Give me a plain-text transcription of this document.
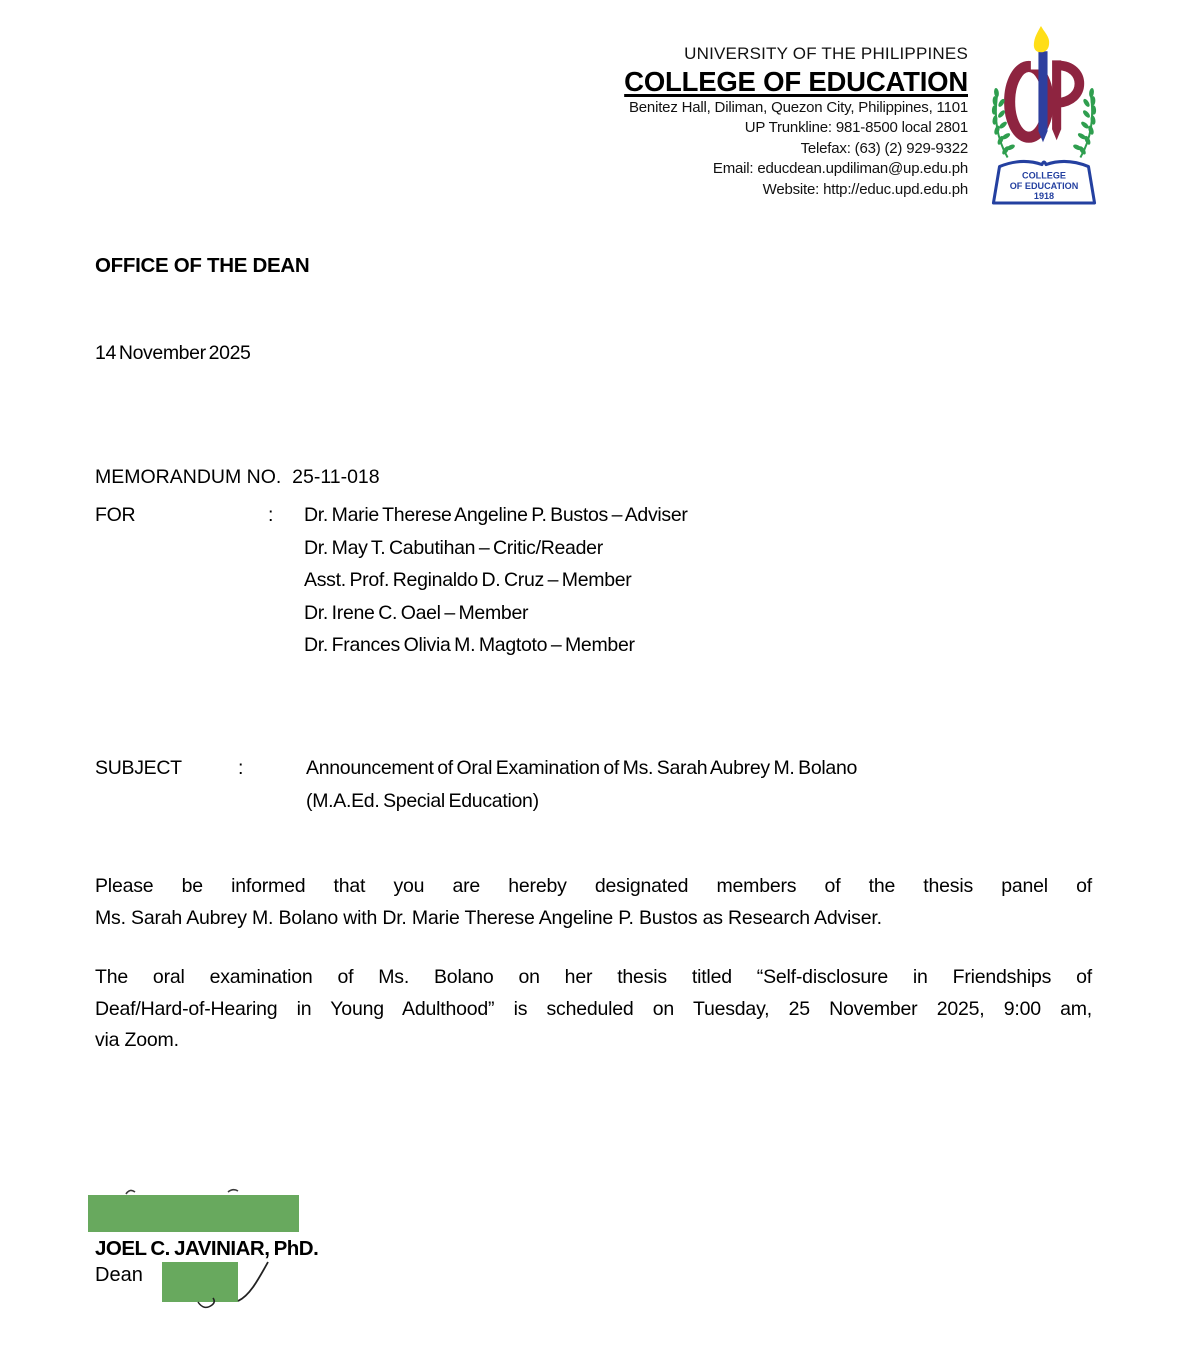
UNIVERSITY OF THE PHILIPPINES
COLLEGE OF EDUCATION
Benitez Hall, Diliman, Quezon City, Philippines, 1101
UP Trunkline: 981-8500 local 2801
Telefax: (63) (2) 929-9322
Email: educdean.updiliman@up.edu.ph
Website: http://educ.upd.edu.ph
COLLEGE
OF EDUCATION
1918
OFFICE OF THE DEAN
14 November 2025
MEMORANDUM NO.  25-11-018
FOR	: Dr. Marie Therese Angeline P. Bustos – Adviser
Dr. May T. Cabutihan – Critic/Reader
Asst. Prof. Reginaldo D. Cruz – Member
Dr. Irene C. Oael – Member
Dr. Frances Olivia M. Magtoto – Member
SUBJECT	:	Announcement of Oral Examination of Ms. Sarah Aubrey M. Bolano
(M.A.Ed. Special Education)
Please be informed that you are hereby designated members of the thesis panel of
Ms. Sarah Aubrey M. Bolano with Dr. Marie Therese Angeline P. Bustos as Research Adviser.
The oral examination of Ms. Bolano on her thesis titled “Self-disclosure in Friendships of
Deaf/Hard-of-Hearing in Young Adulthood” is scheduled on Tuesday, 25 November 2025, 9:00 am,
via Zoom.
JOEL C. JAVINIAR, PhD.
Dean
